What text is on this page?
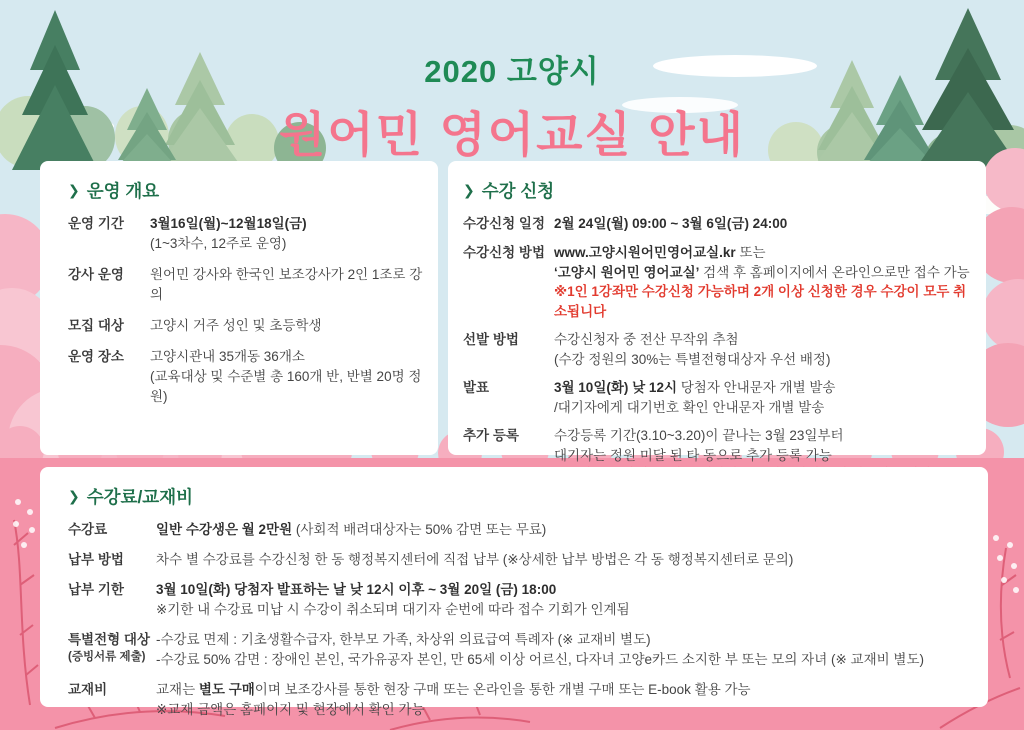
2020 고양시
원어민 영어교실 안내
❯ 운영 개요
운영 기간	3월16일(월)~12월18일(금)
(1~3차수, 12주로 운영)
강사 운영	원어민 강사와 한국인 보조강사가 2인 1조로 강의
모집 대상	고양시 거주 성인 및 초등학생
운영 장소	고양시관내 35개동 36개소
(교육대상 및 수준별 총 160개 반, 반별 20명 정원)
❯ 수강 신청
수강신청 일정 2월 24일(월) 09:00 ~ 3월 6일(금) 24:00
수강신청 방법 www.고양시원어민영어교실.kr 또는
‘고양시 원어민 영어교실’ 검색 후 홈페이지에서 온라인으로만 접수 가능
※1인 1강좌만 수강신청 가능하며 2개 이상 신청한 경우 수강이 모두 취소됩니다
선발 방법	수강신청자 중 전산 무작위 추첨
(수강 정원의 30%는 특별전형대상자 우선 배정)
발표	3월 10일(화) 낮 12시 당첨자 안내문자 개별 발송
/대기자에게 대기번호 확인 안내문자 개별 발송
추가 등록	수강등록 기간(3.10~3.20)이 끝나는 3월 23일부터
대기자는 정원 미달 된 타 동으로 추가 등록 가능
❯ 수강료/교재비
수강료	일반 수강생은 월 2만원 (사회적 배려대상자는 50% 감면 또는 무료)
납부 방법	차수 별 수강료를 수강신청 한 동 행정복지센터에 직접 납부 (※상세한 납부 방법은 각 동 행정복지센터로 문의)
납부 기한	3월 10일(화) 당첨자 발표하는 날 낮 12시 이후 ~ 3월 20일 (금) 18:00
※기한 내 수강료 미납 시 수강이 취소되며 대기자 순번에 따라 접수 기회가 인계됨
특별전형 대상
(증빙서류 제출)
-수강료 면제 : 기초생활수급자, 한부모 가족, 차상위 의료급여 특례자 (※ 교재비 별도)
-수강료 50% 감면 : 장애인 본인, 국가유공자 본인, 만 65세 이상 어르신, 다자녀 고양e카드 소지한 부 또는 모의 자녀 (※ 교재비 별도)
교재비	교재는 별도 구매이며 보조강사를 통한 현장 구매 또는 온라인을 통한 개별 구매 또는 E-book 활용 가능
※교재 금액은 홈페이지 및 현장에서 확인 가능
